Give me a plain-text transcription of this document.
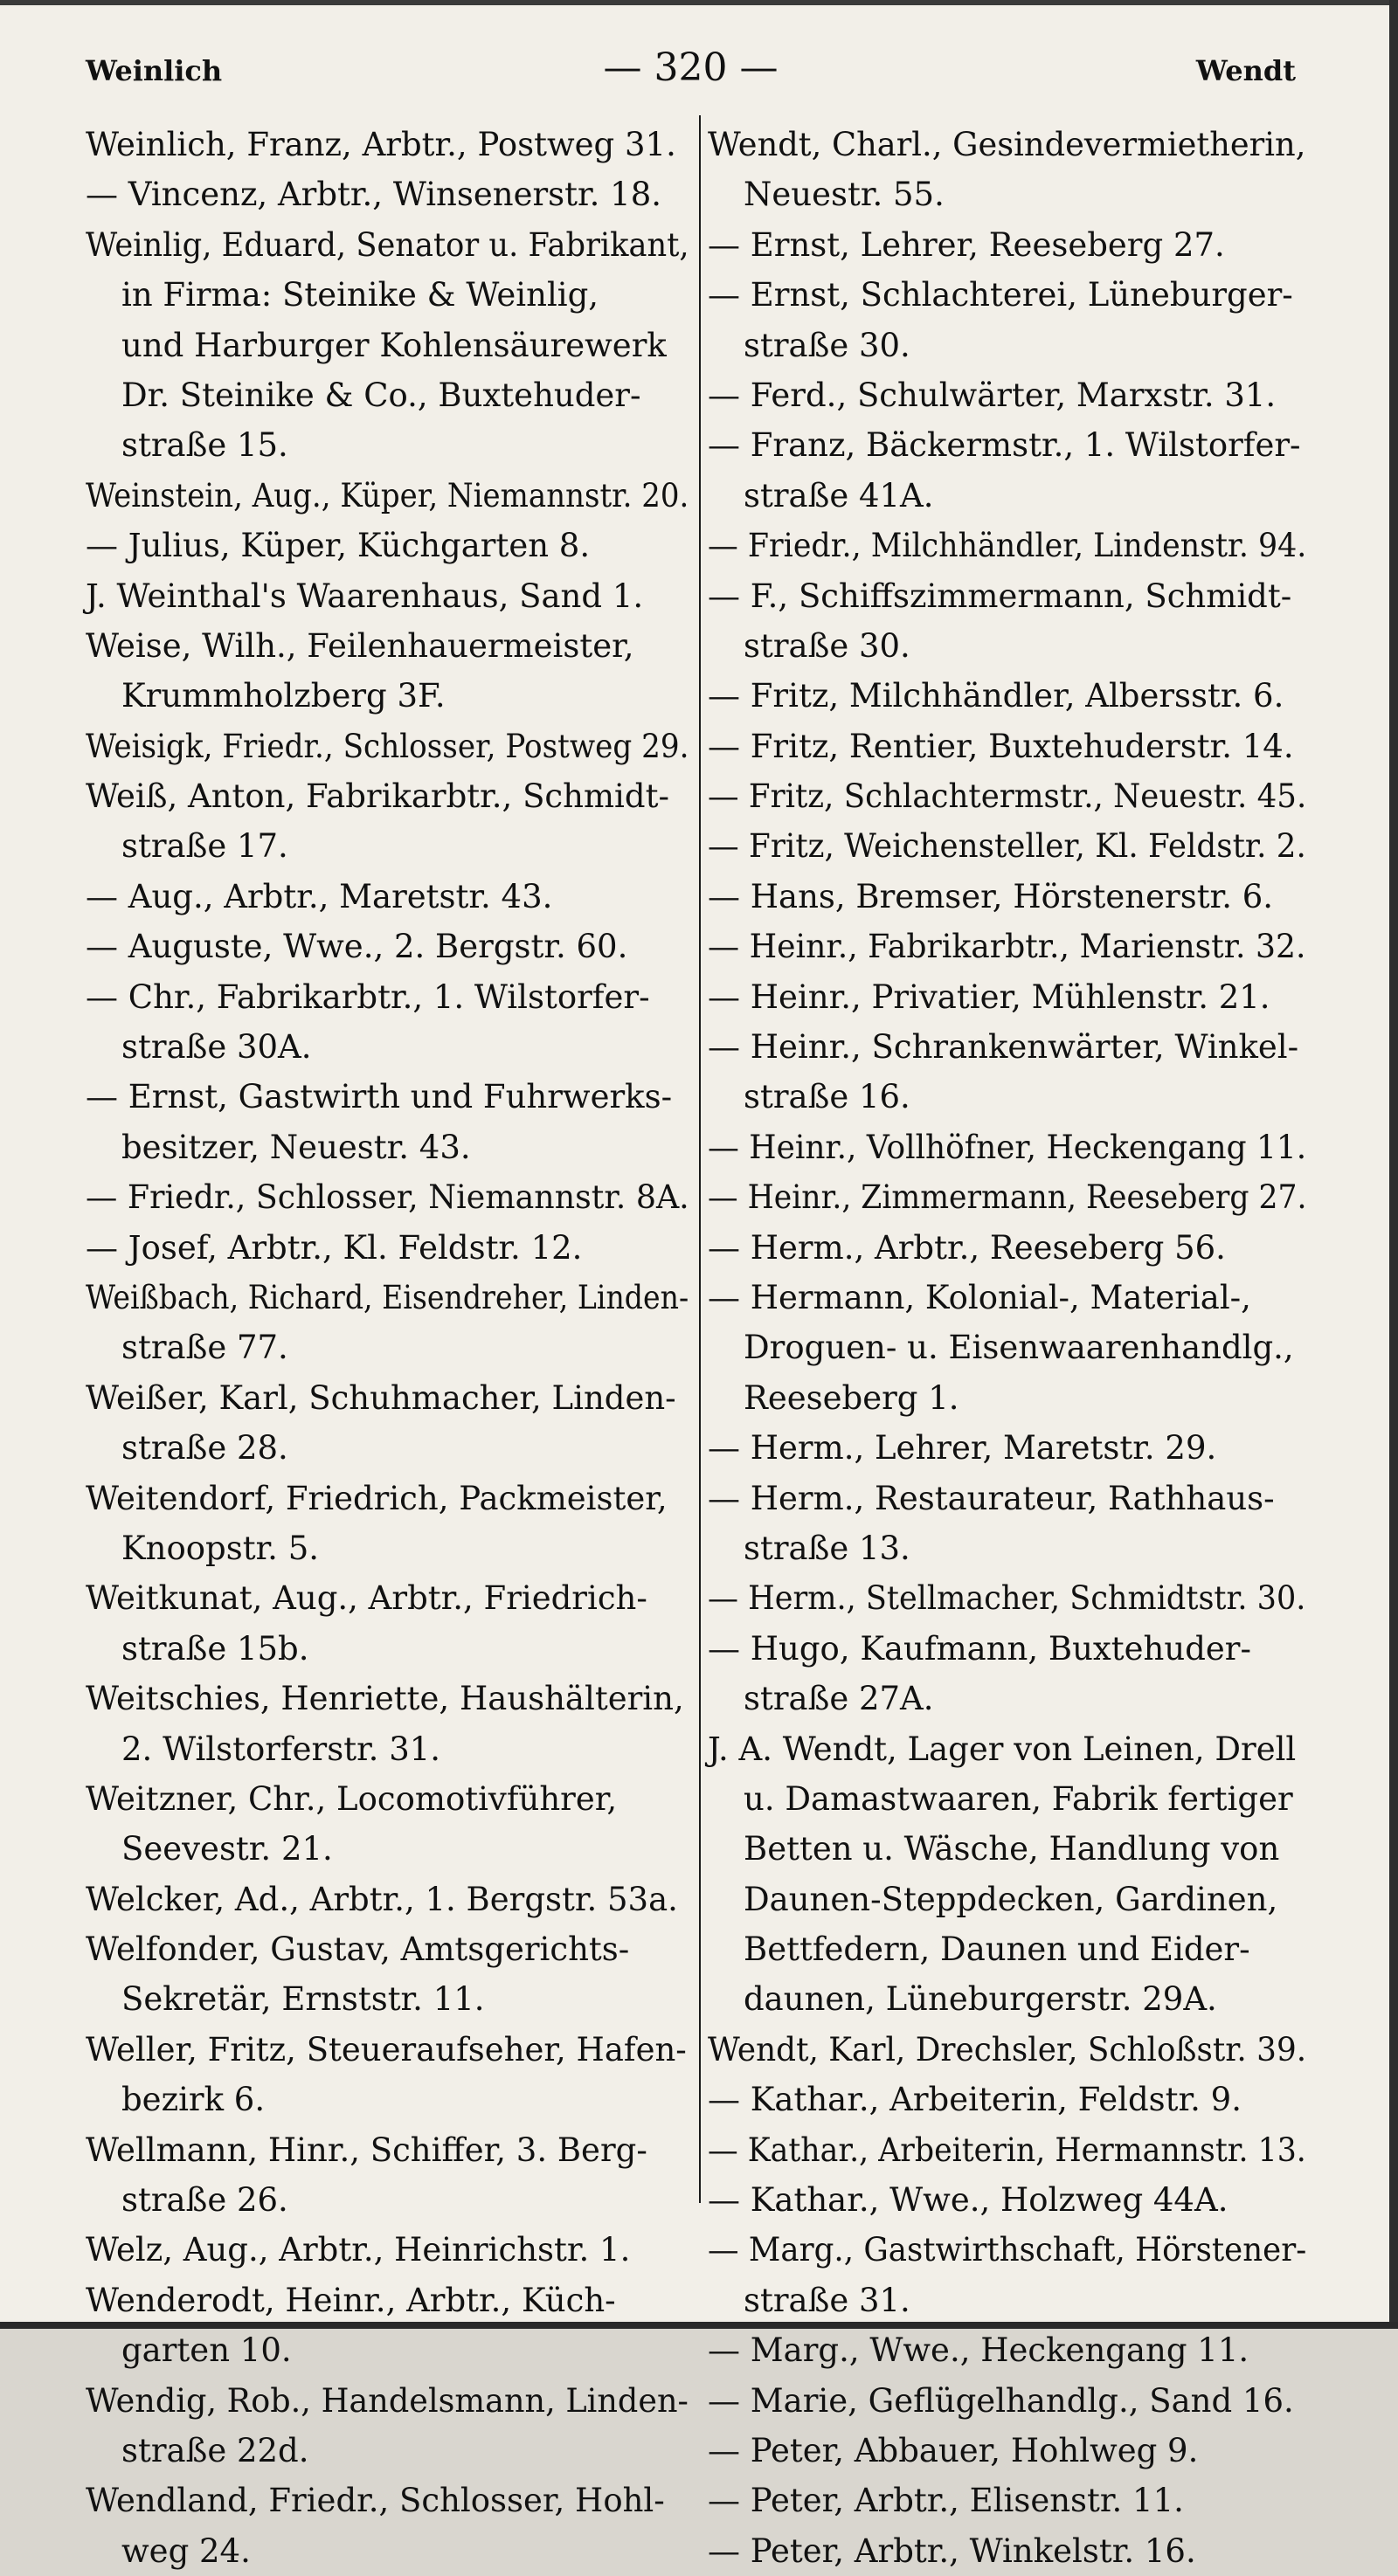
Weinlich	— 320 —	Wendt
Weinlich, Franz, Arbtr., Postweg 31.
— Vincenz, Arbtr., Winsenerstr. 18.
Weinlig, Eduard, Senator u. Fabrikant,
in Firma: Steinike & Weinlig,
und Harburger Kohlensäurewerk
Dr. Steinike & Co., Buxtehuder-
straße 15.
Weinstein, Aug., Küper, Niemannstr. 20.
— Julius, Küper, Küchgarten 8.
J. Weinthal's Waarenhaus, Sand 1.
Weise, Wilh., Feilenhauermeister,
Krummholzberg 3F.
Weisigk, Friedr., Schlosser, Postweg 29.
Weiß, Anton, Fabrikarbtr., Schmidt-
straße 17.
— Aug., Arbtr., Maretstr. 43.
— Auguste, Wwe., 2. Bergstr. 60.
— Chr., Fabrikarbtr., 1. Wilstorfer-
straße 30A.
— Ernst, Gastwirth und Fuhrwerks-
besitzer, Neuestr. 43.
— Friedr., Schlosser, Niemannstr. 8A.
— Josef, Arbtr., Kl. Feldstr. 12.
Weißbach, Richard, Eisendreher, Linden-
straße 77.
Weißer, Karl, Schuhmacher, Linden-
straße 28.
Weitendorf, Friedrich, Packmeister,
Knoopstr. 5.
Weitkunat, Aug., Arbtr., Friedrich-
straße 15b.
Weitschies, Henriette, Haushälterin,
2. Wilstorferstr. 31.
Weitzner, Chr., Locomotivführer,
Seevestr. 21.
Welcker, Ad., Arbtr., 1. Bergstr. 53a.
Welfonder, Gustav, Amtsgerichts-
Sekretär, Ernststr. 11.
Weller, Fritz, Steueraufseher, Hafen-
bezirk 6.
Wellmann, Hinr., Schiffer, 3. Berg-
straße 26.
Welz, Aug., Arbtr., Heinrichstr. 1.
Wenderodt, Heinr., Arbtr., Küch-
garten 10.
Wendig, Rob., Handelsmann, Linden-
straße 22d.
Wendland, Friedr., Schlosser, Hohl-
weg 24.
Wendt, Charl., Gesindevermietherin,
Neuestr. 55.
— Ernst, Lehrer, Reeseberg 27.
— Ernst, Schlachterei, Lüneburger-
straße 30.
— Ferd., Schulwärter, Marxstr. 31.
— Franz, Bäckermstr., 1. Wilstorfer-
straße 41A.
— Friedr., Milchhändler, Lindenstr. 94.
— F., Schiffszimmermann, Schmidt-
straße 30.
— Fritz, Milchhändler, Albersstr. 6.
— Fritz, Rentier, Buxtehuderstr. 14.
— Fritz, Schlachtermstr., Neuestr. 45.
— Fritz, Weichensteller, Kl. Feldstr. 2.
— Hans, Bremser, Hörstenerstr. 6.
— Heinr., Fabrikarbtr., Marienstr. 32.
— Heinr., Privatier, Mühlenstr. 21.
— Heinr., Schrankenwärter, Winkel-
straße 16.
— Heinr., Vollhöfner, Heckengang 11.
— Heinr., Zimmermann, Reeseberg 27.
— Herm., Arbtr., Reeseberg 56.
— Hermann, Kolonial-, Material-,
Droguen- u. Eisenwaarenhandlg.,
Reeseberg 1.
— Herm., Lehrer, Maretstr. 29.
— Herm., Restaurateur, Rathhaus-
straße 13.
— Herm., Stellmacher, Schmidtstr. 30.
— Hugo, Kaufmann, Buxtehuder-
straße 27A.
J. A. Wendt, Lager von Leinen, Drell
u. Damastwaaren, Fabrik fertiger
Betten u. Wäsche, Handlung von
Daunen-Steppdecken, Gardinen,
Bettfedern, Daunen und Eider-
daunen, Lüneburgerstr. 29A.
Wendt, Karl, Drechsler, Schloßstr. 39.
— Kathar., Arbeiterin, Feldstr. 9.
— Kathar., Arbeiterin, Hermannstr. 13.
— Kathar., Wwe., Holzweg 44A.
— Marg., Gastwirthschaft, Hörstener-
straße 31.
— Marg., Wwe., Heckengang 11.
— Marie, Geflügelhandlg., Sand 16.
— Peter, Abbauer, Hohlweg 9.
— Peter, Arbtr., Elisenstr. 11.
— Peter, Arbtr., Winkelstr. 16.
